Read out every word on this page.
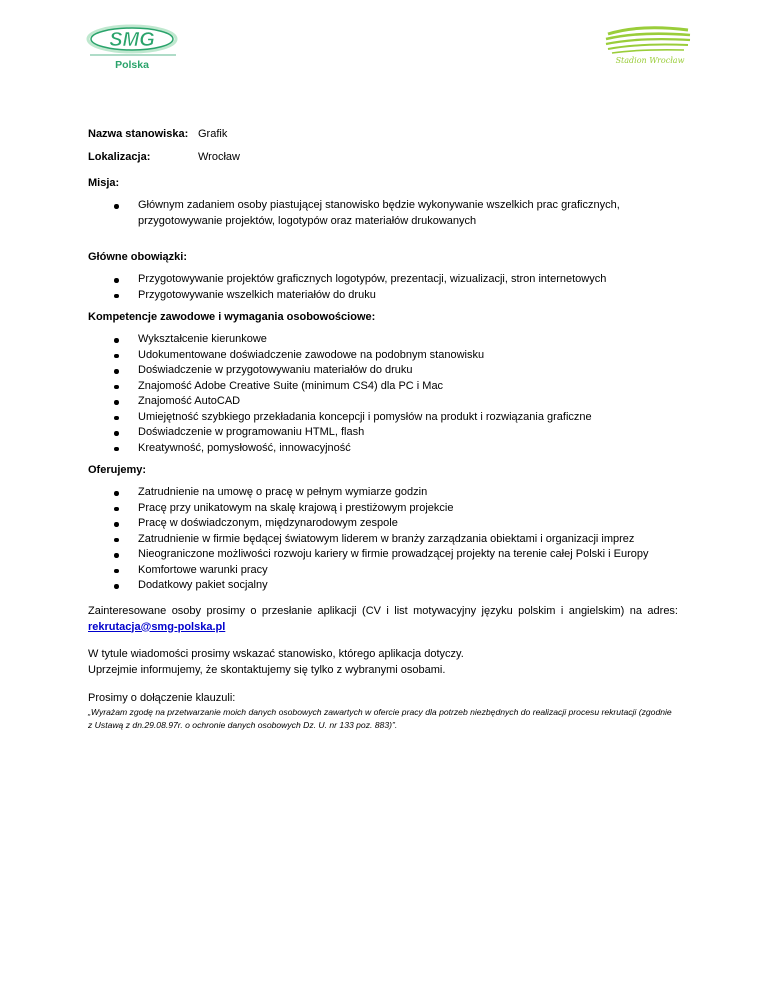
SMG
Polska	Stadion Wrocław
Nazwa stanowiska: Grafik
Lokalizacja:	Wrocław
Misja:
Głównym zadaniem osoby piastującej stanowisko będzie wykonywanie wszelkich prac graficznych, przygotowywanie projektów, logotypów oraz materiałów drukowanych
Główne obowiązki:
Przygotowywanie projektów graficznych logotypów, prezentacji, wizualizacji, stron internetowych
Przygotowywanie wszelkich materiałów do druku
Kompetencje zawodowe i wymagania osobowościowe:
Wykształcenie kierunkowe
Udokumentowane doświadczenie zawodowe na podobnym stanowisku
Doświadczenie w przygotowywaniu materiałów do druku
Znajomość Adobe Creative Suite (minimum CS4) dla PC i Mac
Znajomość AutoCAD
Umiejętność szybkiego przekładania koncepcji i pomysłów na produkt i rozwiązania graficzne
Doświadczenie w programowaniu HTML, flash
Kreatywność, pomysłowość, innowacyjność
Oferujemy:
Zatrudnienie na umowę o pracę w pełnym wymiarze godzin
Pracę przy unikatowym na skalę krajową i prestiżowym projekcie
Pracę w doświadczonym, międzynarodowym zespole
Zatrudnienie w firmie będącej światowym liderem w branży zarządzania obiektami i organizacji imprez
Nieograniczone możliwości rozwoju kariery w firmie prowadzącej projekty na terenie całej Polski i Europy
Komfortowe warunki pracy
Dodatkowy pakiet socjalny
Zainteresowane osoby prosimy o przesłanie aplikacji (CV i list motywacyjny języku polskim i angielskim) na adres: rekrutacja@smg-polska.pl
W tytule wiadomości prosimy wskazać stanowisko, którego aplikacja dotyczy.
Uprzejmie informujemy, że skontaktujemy się tylko z wybranymi osobami.
Prosimy o dołączenie klauzuli:
„Wyrażam zgodę na przetwarzanie moich danych osobowych zawartych w ofercie pracy dla potrzeb niezbędnych do realizacji procesu rekrutacji (zgodnie z Ustawą z dn.29.08.97r. o ochronie danych osobowych Dz. U. nr 133 poz. 883)”.
